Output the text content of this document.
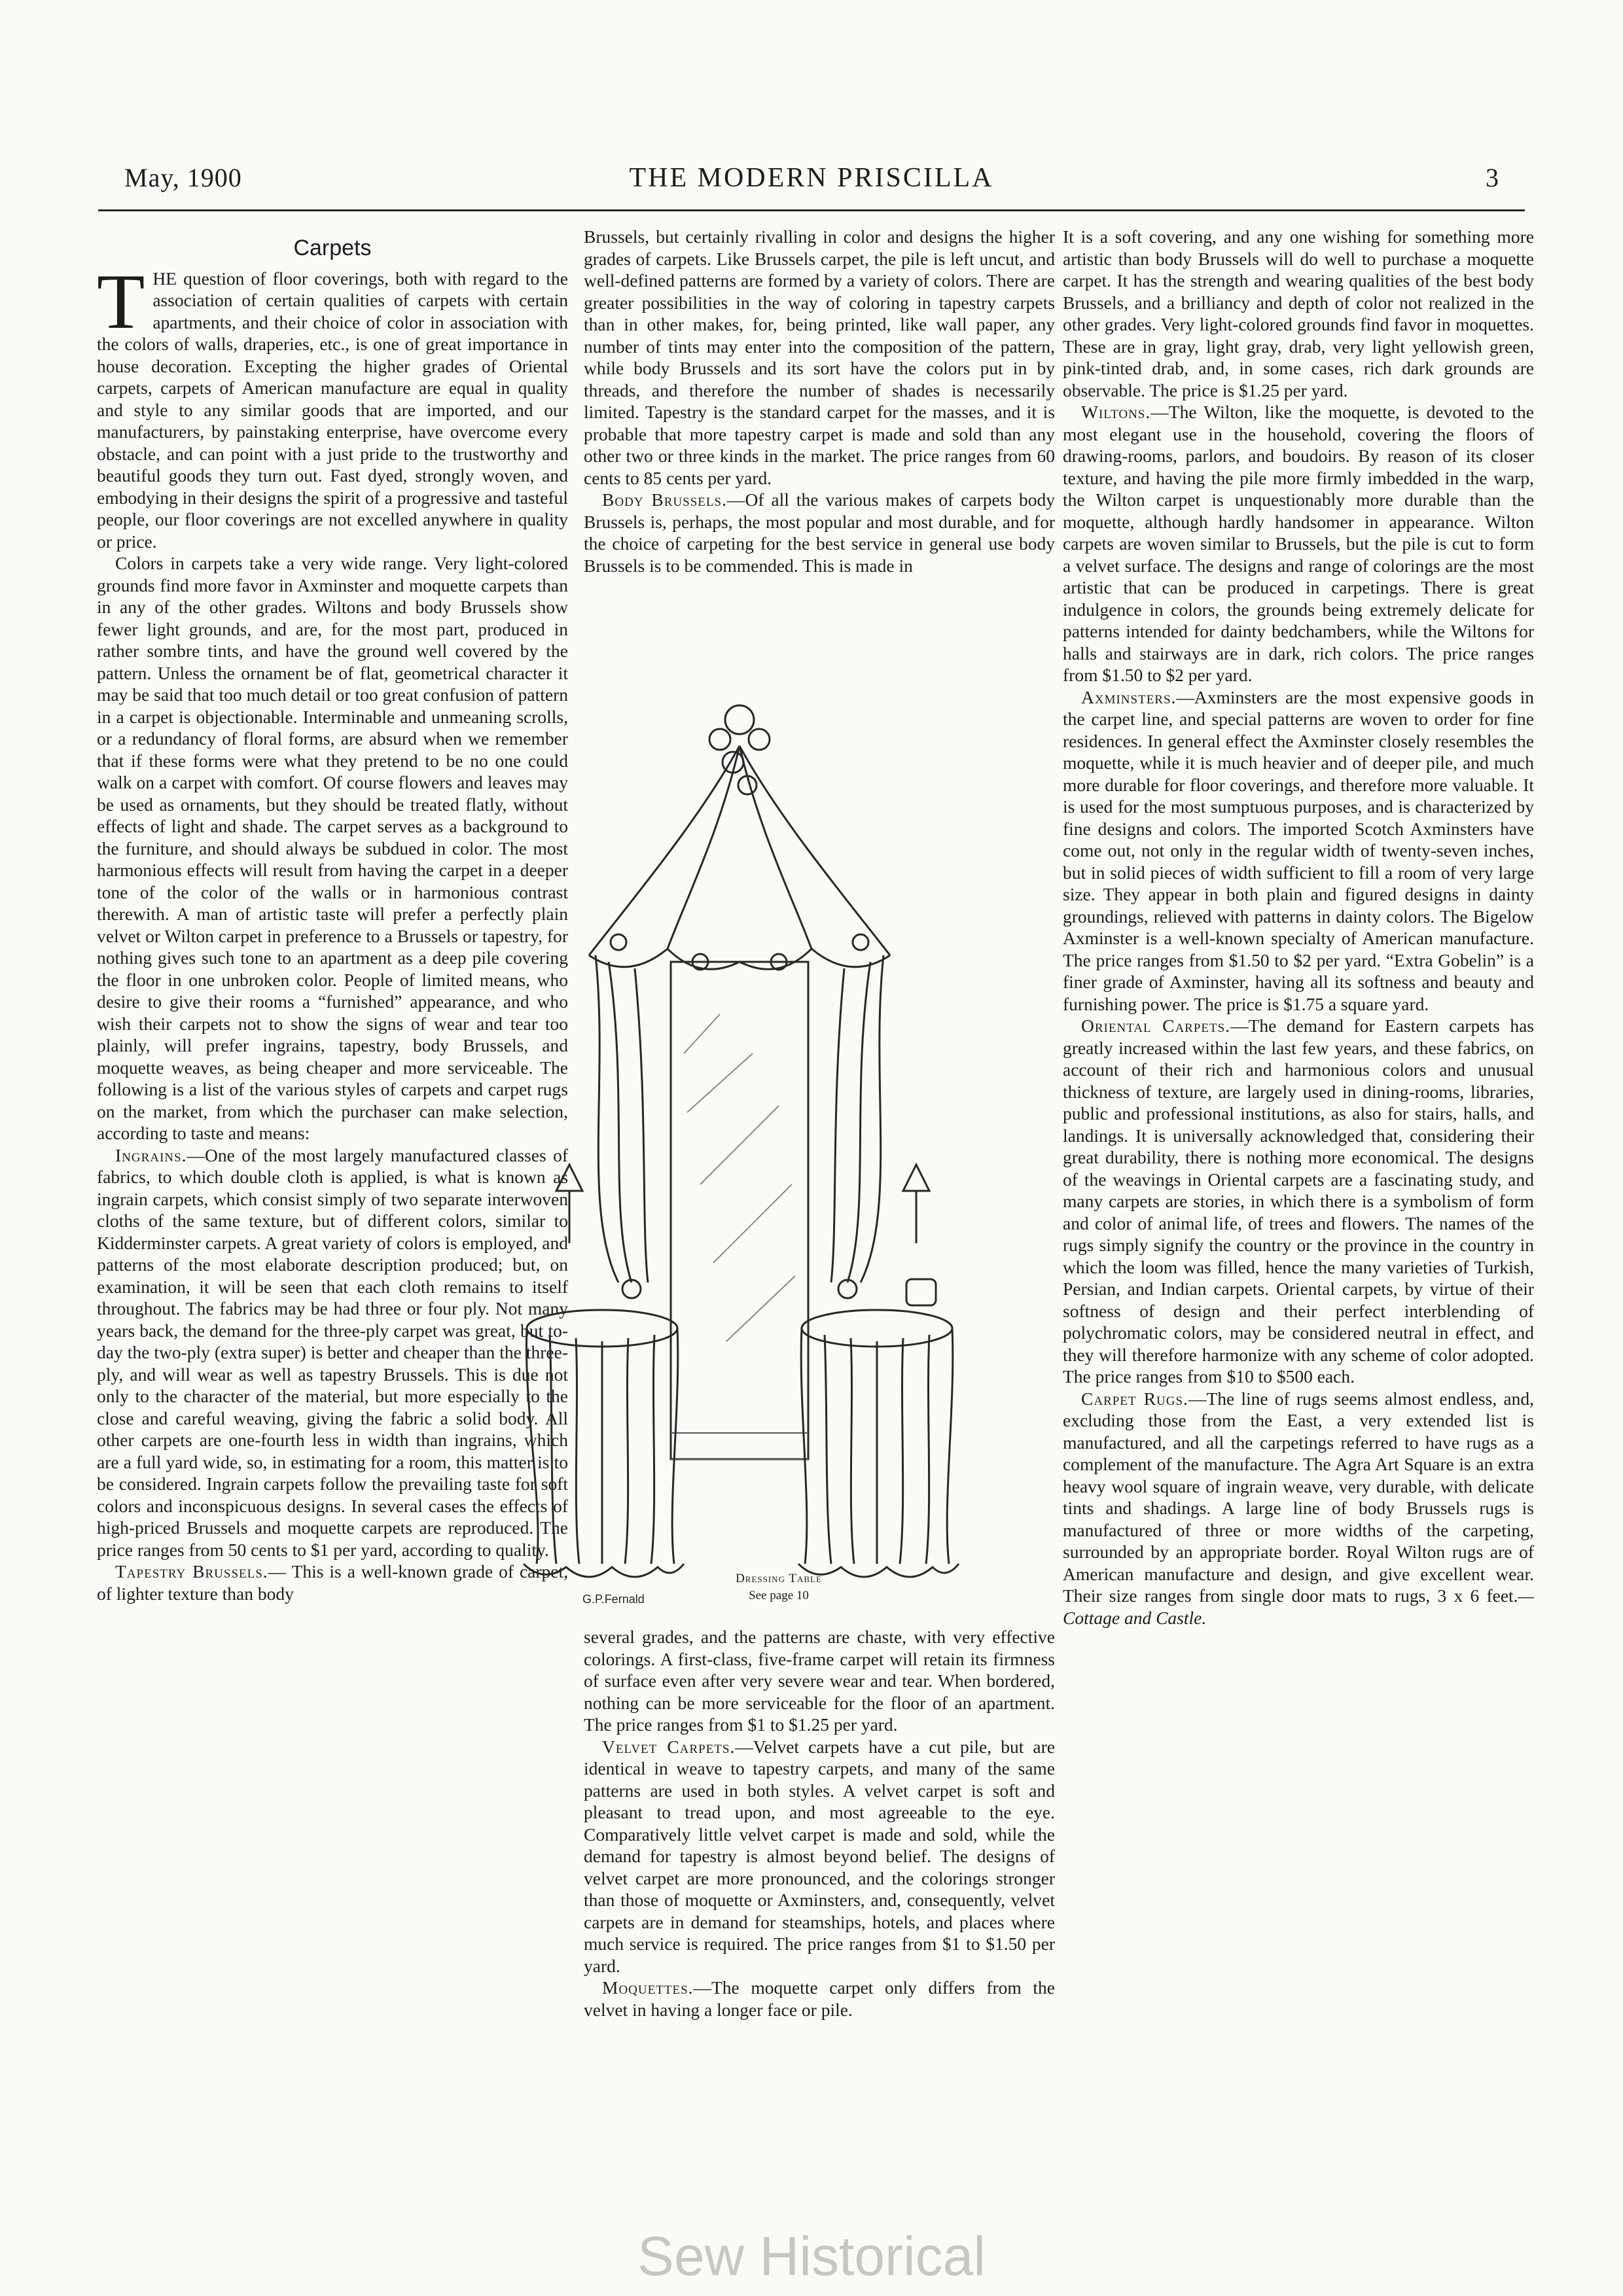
May, 1900	THE MODERN PRISCILLA	3
Carpets

THE question of floor coverings, both with regard to the association of certain qualities of carpets with certain apartments, and their choice of color in association with the colors of walls, draperies, etc., is one of great importance in house decoration. Excepting the higher grades of Oriental carpets, carpets of American manufacture are equal in quality and style to any similar goods that are imported, and our manufacturers, by painstaking enterprise, have overcome every obstacle, and can point with a just pride to the trustworthy and beautiful goods they turn out. Fast dyed, strongly woven, and embodying in their designs the spirit of a progressive and tasteful people, our floor coverings are not excelled anywhere in quality or price.

Colors in carpets take a very wide range. Very light-colored grounds find more favor in Axminster and moquette carpets than in any of the other grades. Wiltons and body Brussels show fewer light grounds, and are, for the most part, produced in rather sombre tints, and have the ground well covered by the pattern. Unless the ornament be of flat, geometrical character it may be said that too much detail or too great confusion of pattern in a carpet is objectionable. Interminable and unmeaning scrolls, or a redundancy of floral forms, are absurd when we remember that if these forms were what they pretend to be no one could walk on a carpet with comfort. Of course flowers and leaves may be used as ornaments, but they should be treated flatly, without effects of light and shade. The carpet serves as a background to the furniture, and should always be subdued in color. The most harmonious effects will result from having the carpet in a deeper tone of the color of the walls or in harmonious contrast therewith. A man of artistic taste will prefer a perfectly plain velvet or Wilton carpet in preference to a Brussels or tapestry, for nothing gives such tone to an apartment as a deep pile covering the floor in one unbroken color. People of limited means, who desire to give their rooms a “furnished” appearance, and who wish their carpets not to show the signs of wear and tear too plainly, will prefer ingrains, tapestry, body Brussels, and moquette weaves, as being cheaper and more serviceable. The following is a list of the various styles of carpets and carpet rugs on the market, from which the purchaser can make selection, according to taste and means:

Ingrains.—One of the most largely manufactured classes of fabrics, to which double cloth is applied, is what is known as ingrain carpets, which consist simply of two separate interwoven cloths of the same texture, but of different colors, similar to Kidderminster carpets. A great variety of colors is employed, and patterns of the most elaborate description produced; but, on examination, it will be seen that each cloth remains to itself throughout. The fabrics may be had three or four ply. Not many years back, the demand for the three-ply carpet was great, but to-day the two-ply (extra super) is better and cheaper than the three-ply, and will wear as well as tapestry Brussels. This is due not only to the character of the material, but more especially to the close and careful weaving, giving the fabric a solid body. All other carpets are one-fourth less in width than ingrains, which are a full yard wide, so, in estimating for a room, this matter is to be considered. Ingrain carpets follow the prevailing taste for soft colors and inconspicuous designs. In several cases the effects of high-priced Brussels and moquette carpets are reproduced. The price ranges from 50 cents to $1 per yard, according to quality.

Tapestry Brussels.— This is a well-known grade of carpet, of lighter texture than body

Brussels, but certainly rivalling in color and designs the higher grades of carpets. Like Brussels carpet, the pile is left uncut, and well-defined patterns are formed by a variety of colors. There are greater possibilities in the way of coloring in tapestry carpets than in other makes, for, being printed, like wall paper, any number of tints may enter into the composition of the pattern, while body Brussels and its sort have the colors put in by threads, and therefore the number of shades is necessarily limited. Tapestry is the standard carpet for the masses, and it is probable that more tapestry carpet is made and sold than any other two or three kinds in the market. The price ranges from 60 cents to 85 cents per yard.

Body Brussels.—Of all the various makes of carpets body Brussels is, perhaps, the most popular and most durable, and for the choice of carpeting for the best service in general use body Brussels is to be commended. This is made in

G.P.Fernald
Dressing Table
See page 10

several grades, and the patterns are chaste, with very effective colorings. A first-class, five-frame carpet will retain its firmness of surface even after very severe wear and tear. When bordered, nothing can be more serviceable for the floor of an apartment. The price ranges from $1 to $1.25 per yard.

Velvet Carpets.—Velvet carpets have a cut pile, but are identical in weave to tapestry carpets, and many of the same patterns are used in both styles. A velvet carpet is soft and pleasant to tread upon, and most agreeable to the eye. Comparatively little velvet carpet is made and sold, while the demand for tapestry is almost beyond belief. The designs of velvet carpet are more pronounced, and the colorings stronger than those of moquette or Axminsters, and, consequently, velvet carpets are in demand for steamships, hotels, and places where much service is required. The price ranges from $1 to $1.50 per yard.

Moquettes.—The moquette carpet only differs from the velvet in having a longer face or pile.

It is a soft covering, and any one wishing for something more artistic than body Brussels will do well to purchase a moquette carpet. It has the strength and wearing qualities of the best body Brussels, and a brilliancy and depth of color not realized in the other grades. Very light-colored grounds find favor in moquettes. These are in gray, light gray, drab, very light yellowish green, pink-tinted drab, and, in some cases, rich dark grounds are observable. The price is $1.25 per yard.

Wiltons.—The Wilton, like the moquette, is devoted to the most elegant use in the household, covering the floors of drawing-rooms, parlors, and boudoirs. By reason of its closer texture, and having the pile more firmly imbedded in the warp, the Wilton carpet is unquestionably more durable than the moquette, although hardly handsomer in appearance. Wilton carpets are woven similar to Brussels, but the pile is cut to form a velvet surface. The designs and range of colorings are the most artistic that can be produced in carpetings. There is great indulgence in colors, the grounds being extremely delicate for patterns intended for dainty bedchambers, while the Wiltons for halls and stairways are in dark, rich colors. The price ranges from $1.50 to $2 per yard.

Axminsters.—Axminsters are the most expensive goods in the carpet line, and special patterns are woven to order for fine residences. In general effect the Axminster closely resembles the moquette, while it is much heavier and of deeper pile, and much more durable for floor coverings, and therefore more valuable. It is used for the most sumptuous purposes, and is characterized by fine designs and colors. The imported Scotch Axminsters have come out, not only in the regular width of twenty-seven inches, but in solid pieces of width sufficient to fill a room of very large size. They appear in both plain and figured designs in dainty groundings, relieved with patterns in dainty colors. The Bigelow Axminster is a well-known specialty of American manufacture. The price ranges from $1.50 to $2 per yard. “Extra Gobelin” is a finer grade of Axminster, having all its softness and beauty and furnishing power. The price is $1.75 a square yard.

Oriental Carpets.—The demand for Eastern carpets has greatly increased within the last few years, and these fabrics, on account of their rich and harmonious colors and unusual thickness of texture, are largely used in dining-rooms, libraries, public and professional institutions, as also for stairs, halls, and landings. It is universally acknowledged that, considering their great durability, there is nothing more economical. The designs of the weavings in Oriental carpets are a fascinating study, and many carpets are stories, in which there is a symbolism of form and color of animal life, of trees and flowers. The names of the rugs simply signify the country or the province in the country in which the loom was filled, hence the many varieties of Turkish, Persian, and Indian carpets. Oriental carpets, by virtue of their softness of design and their perfect interblending of polychromatic colors, may be considered neutral in effect, and they will therefore harmonize with any scheme of color adopted. The price ranges from $10 to $500 each.

Carpet Rugs.—The line of rugs seems almost endless, and, excluding those from the East, a very extended list is manufactured, and all the carpetings referred to have rugs as a complement of the manufacture. The Agra Art Square is an extra heavy wool square of ingrain weave, very durable, with delicate tints and shadings. A large line of body Brussels rugs is manufactured of three or more widths of the carpeting, surrounded by an appropriate border. Royal Wilton rugs are of American manufacture and design, and give excellent wear. Their size ranges from single door mats to rugs, 3 x 6 feet.—Cottage and Castle.

Sew Historical
